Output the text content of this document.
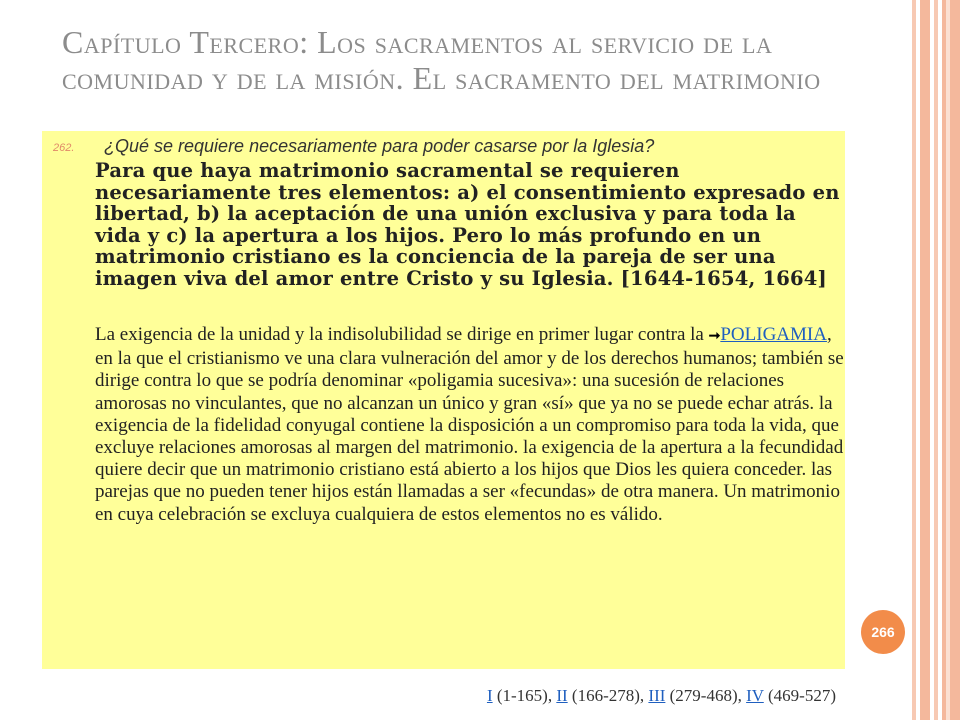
Capítulo Tercero: Los sacramentos al servicio de la comunidad y de la misión. El sacramento del matrimonio
262. ¿Qué se requiere necesariamente para poder casarse por la Iglesia?
Para que haya matrimonio sacramental se requieren necesariamente tres elementos: a) el consentimiento expresado en libertad, b) la aceptación de una unión exclusiva y para toda la vida y c) la apertura a los hijos. Pero lo más profundo en un matrimonio cristiano es la conciencia de la pareja de ser una imagen viva del amor entre Cristo y su Iglesia. [1644-1654, 1664]
La exigencia de la unidad y la indisolubilidad se dirige en primer lugar contra la ➞POLIGAMIA, en la que el cristianismo ve una clara vulneración del amor y de los derechos humanos; también se dirige contra lo que se podría denominar «poligamia sucesiva»: una sucesión de relaciones amorosas no vinculantes, que no alcanzan un único y gran «sí» que ya no se puede echar atrás. la exigencia de la fidelidad conyugal contiene la disposición a un compromiso para toda la vida, que excluye relaciones amorosas al margen del matrimonio. la exigencia de la apertura a la fecundidad quiere decir que un matrimonio cristiano está abierto a los hijos que Dios les quiera conceder. las parejas que no pueden tener hijos están llamadas a ser «fecundas» de otra manera. Un matrimonio en cuya celebración se excluya cualquiera de estos elementos no es válido.
266
I (1-165), II (166-278), III (279-468), IV (469-527)
